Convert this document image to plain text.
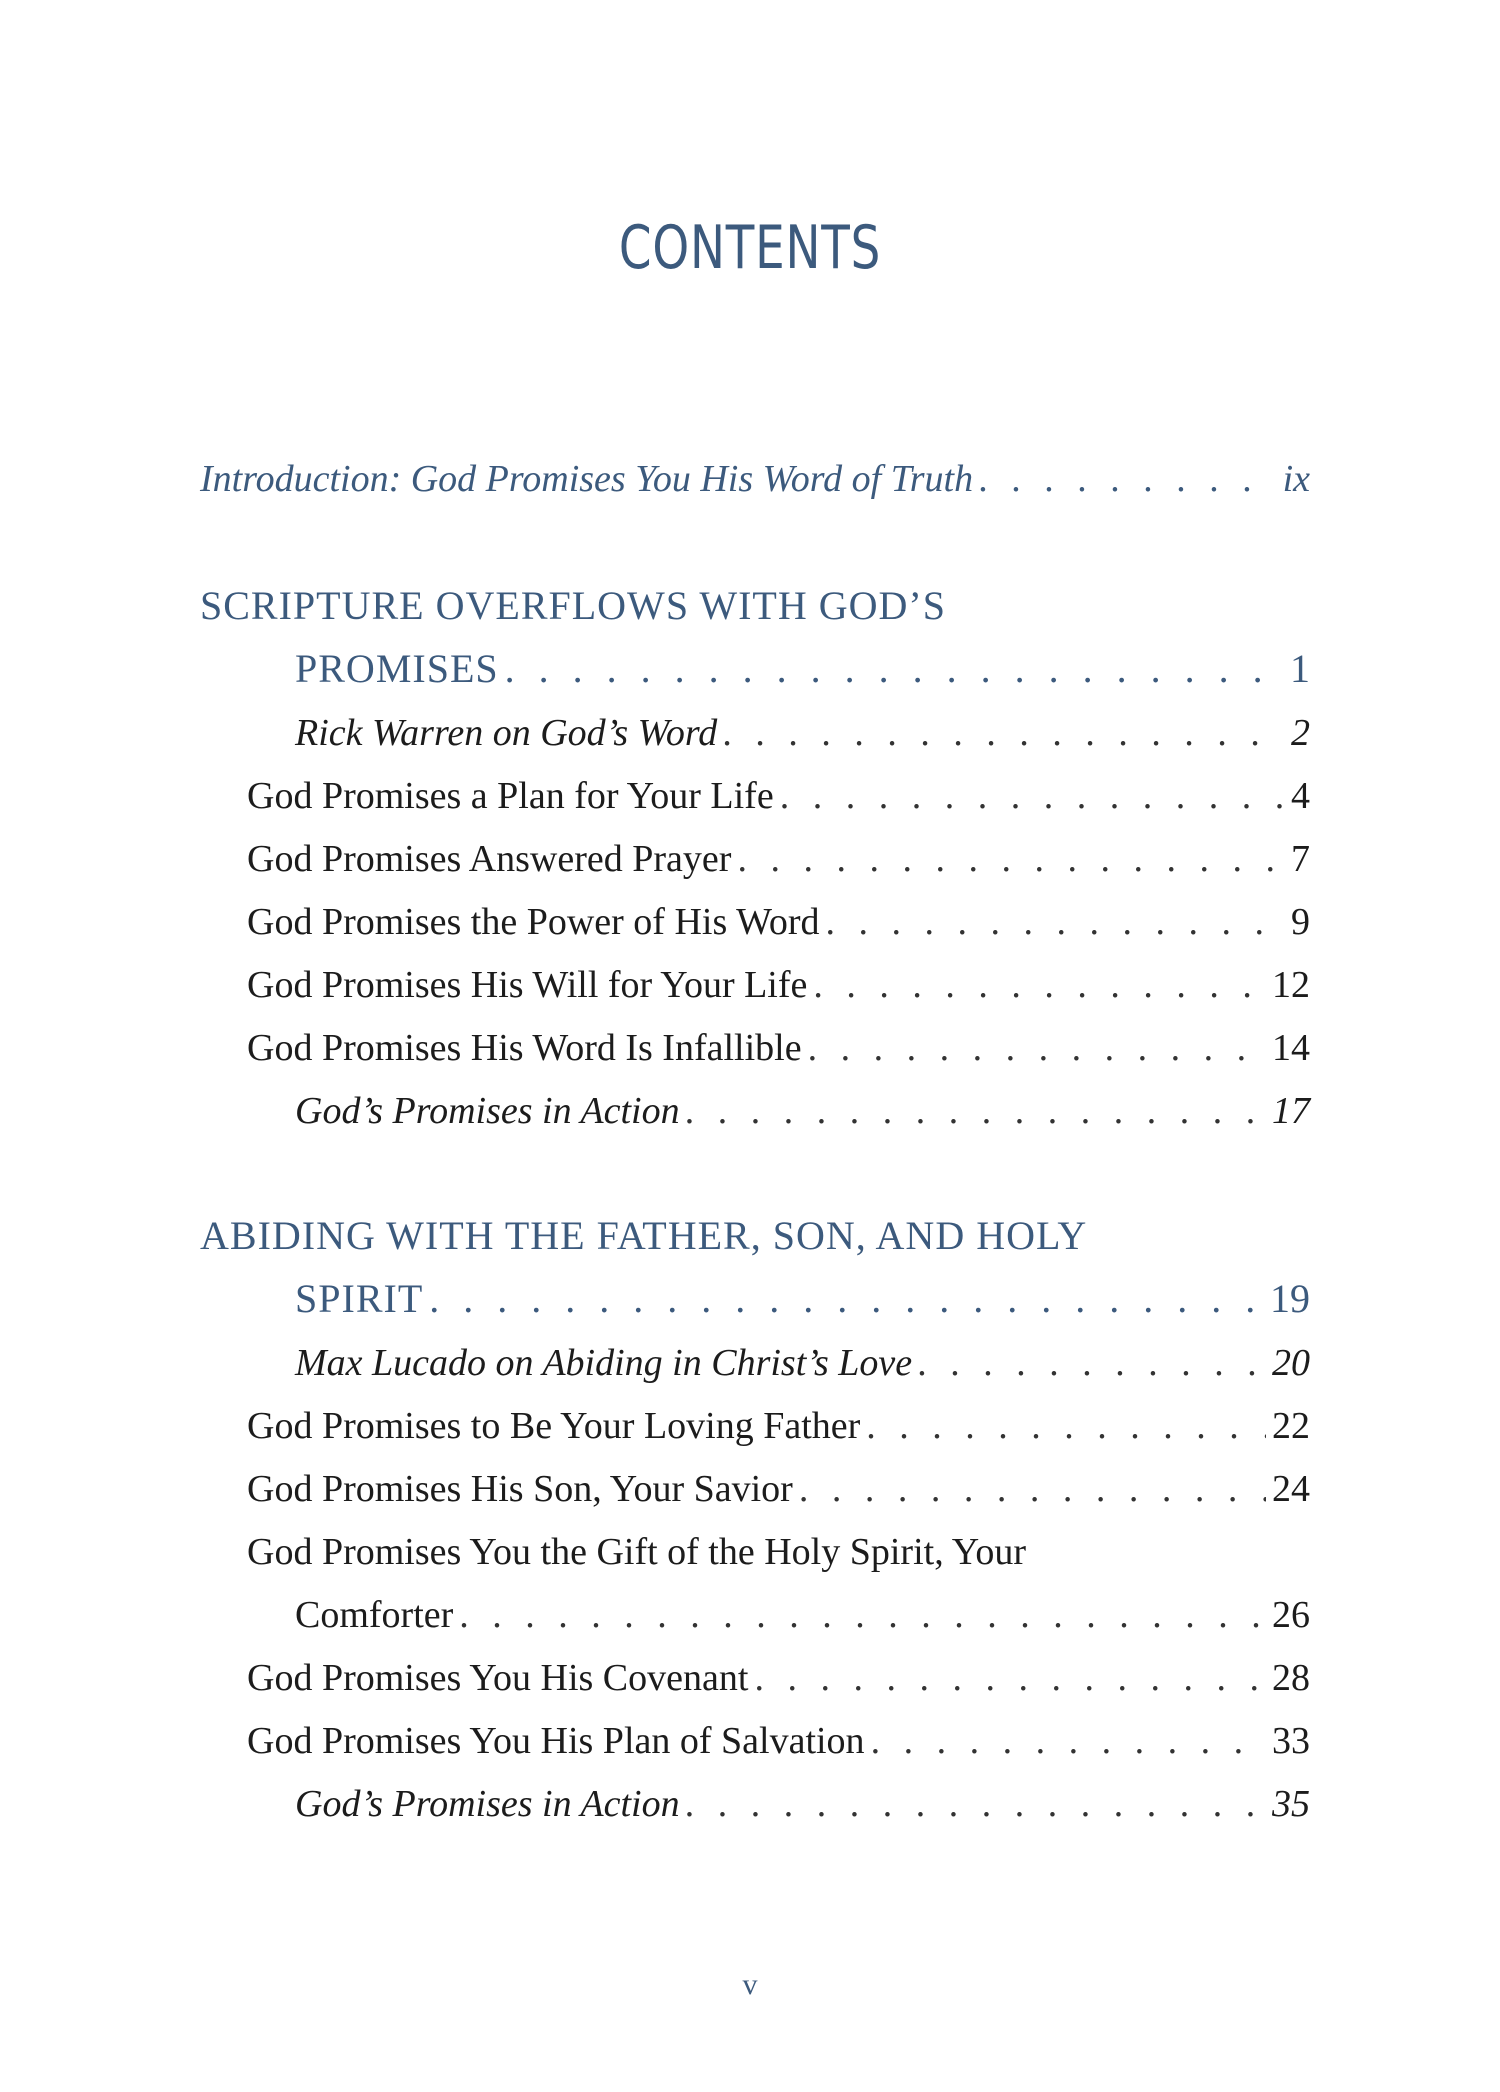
CONTENTS
Introduction: God Promises You His Word of Truth . . .	ix
SCRIPTURE OVERFLOWS WITH GOD’S
PROMISES . . .	1
Rick Warren on God’s Word . . .	2
God Promises a Plan for Your Life . . .	4
God Promises Answered Prayer . . .	7
God Promises the Power of His Word . . .	9
God Promises His Will for Your Life . . .	12
God Promises His Word Is Infallible . . .	14
God’s Promises in Action . . .	17
ABIDING WITH THE FATHER, SON, AND HOLY
SPIRIT . . .	19
Max Lucado on Abiding in Christ’s Love . . .	20
God Promises to Be Your Loving Father . . .	22
God Promises His Son, Your Savior . . .	24
God Promises You the Gift of the Holy Spirit, Your
Comforter . . .	26
God Promises You His Covenant . . .	28
God Promises You His Plan of Salvation . . .	33
God’s Promises in Action . . .	35
v
